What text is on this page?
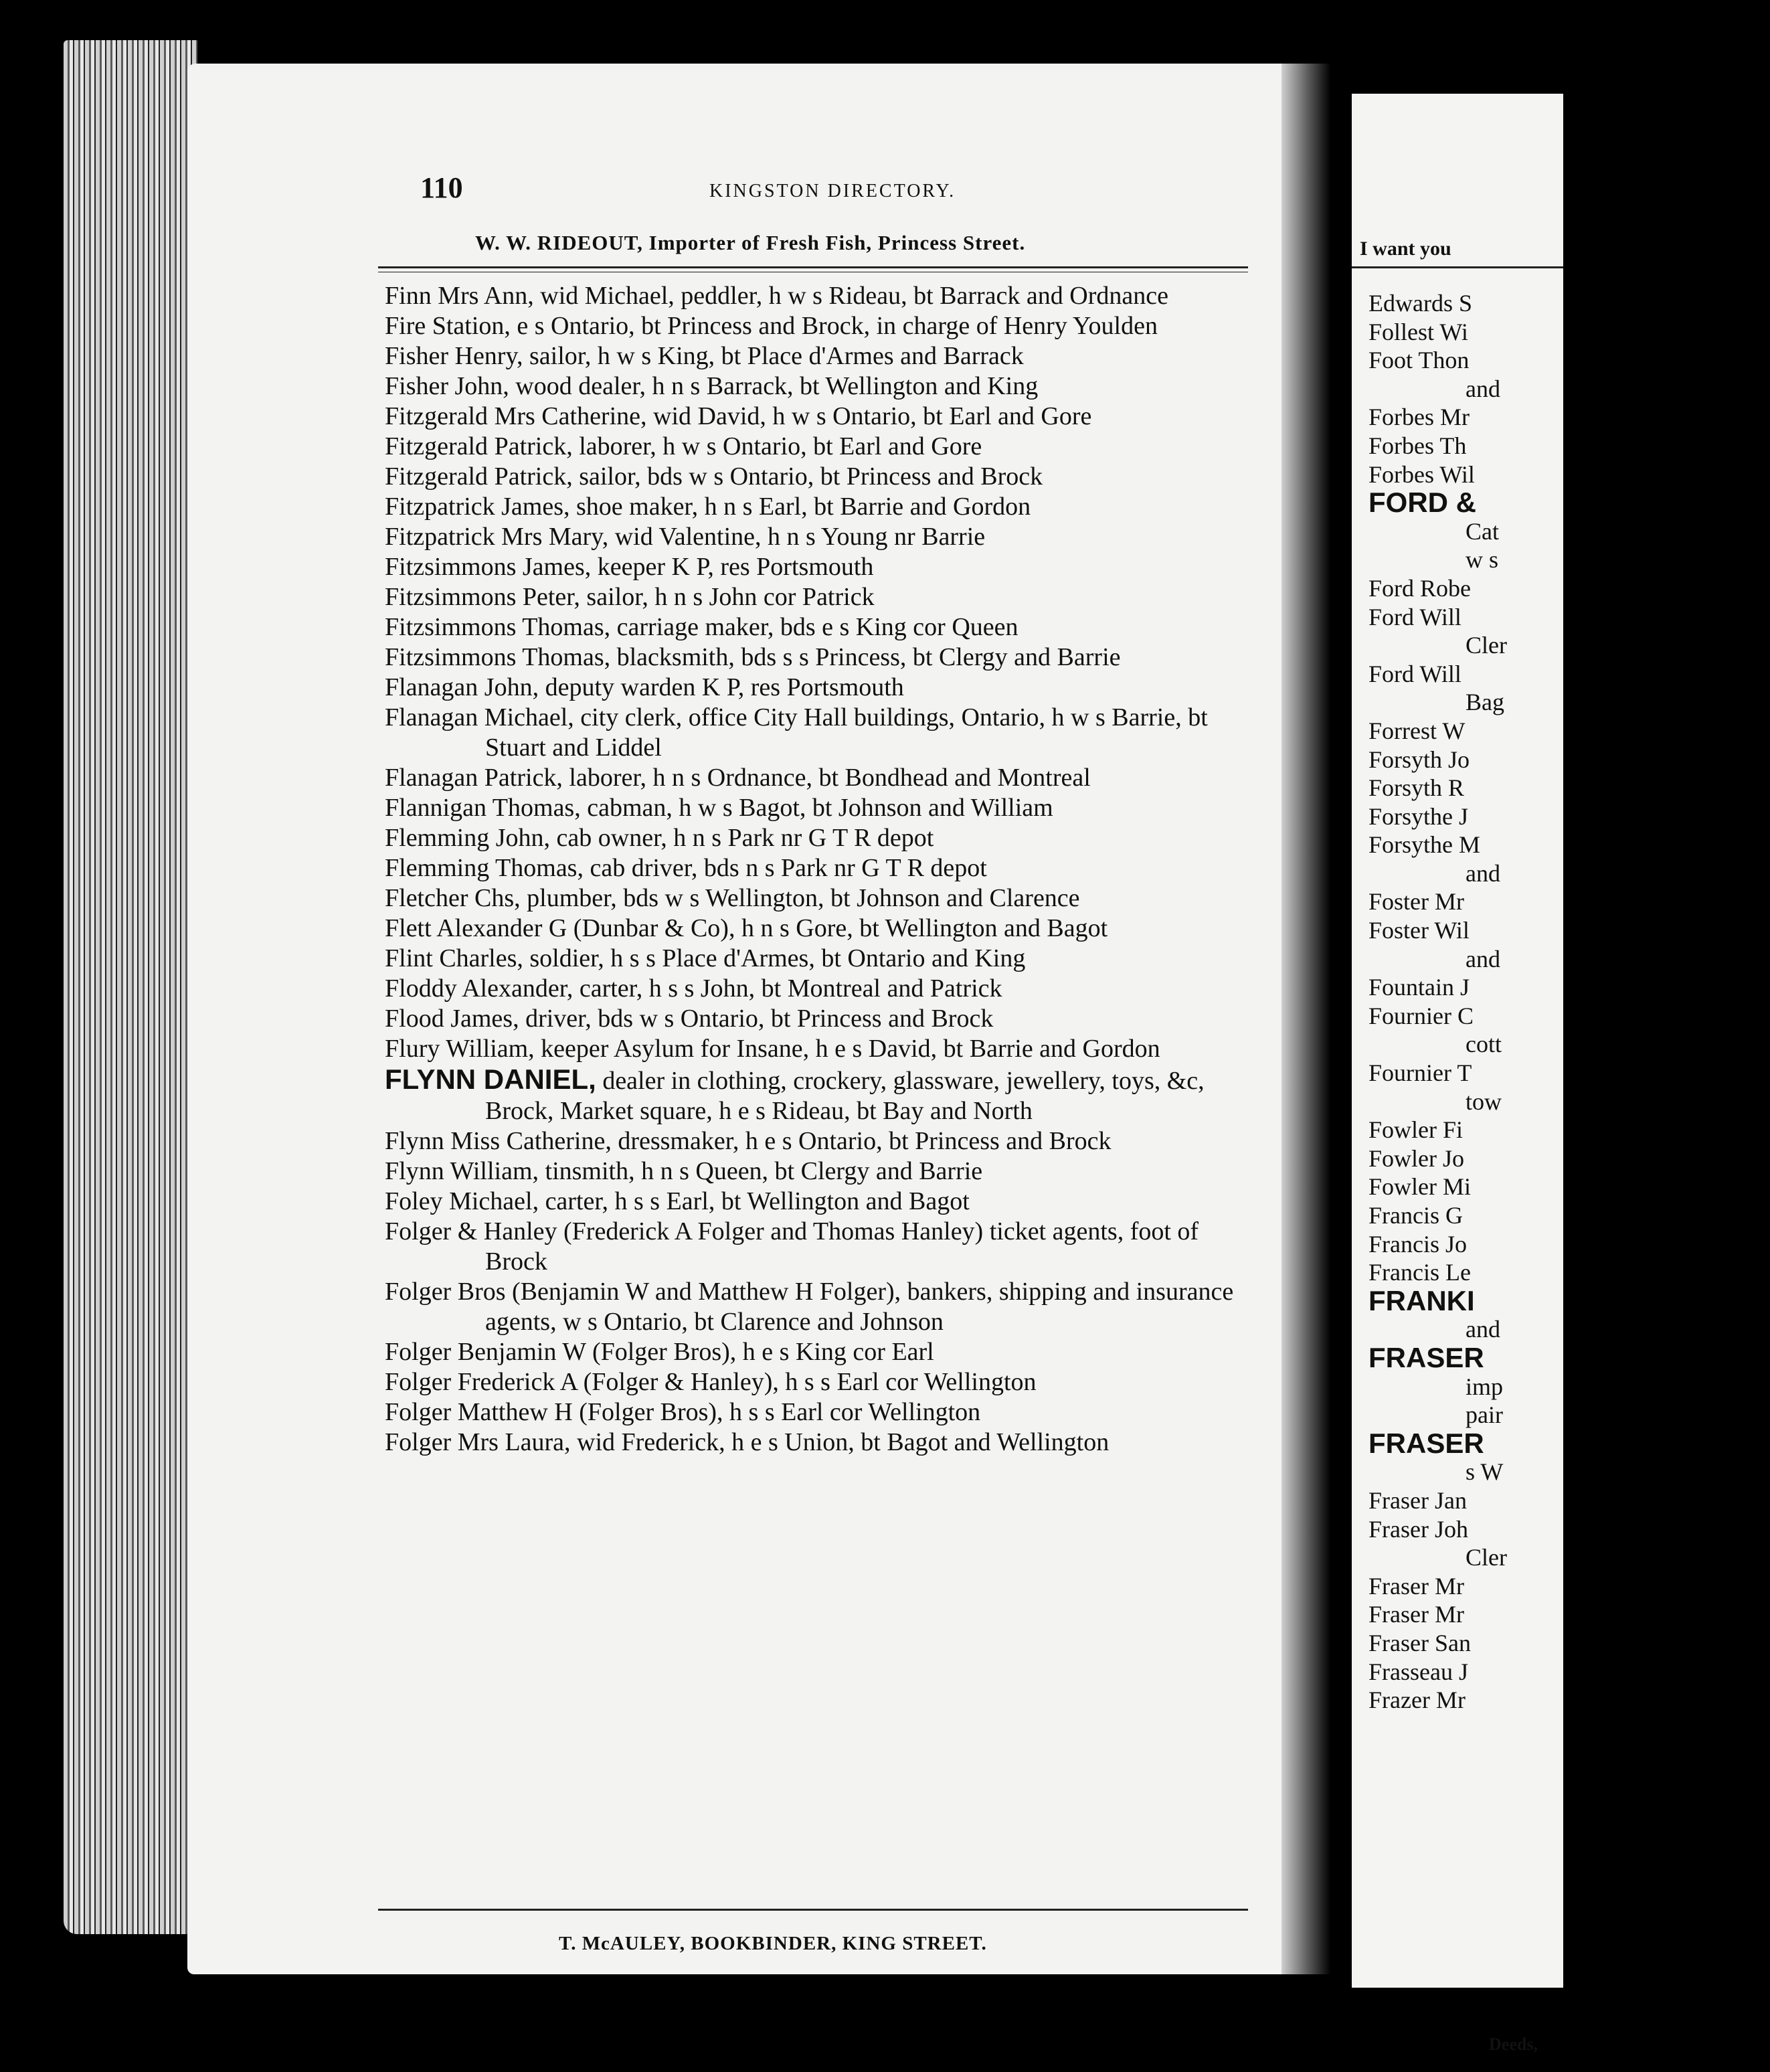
110	KINGSTON DIRECTORY.
W. W. RIDEOUT, Importer of Fresh Fish, Princess Street.

Finn Mrs Ann, wid Michael, peddler, h w s Rideau, bt Barrack and Ordnance

Fire Station, e s Ontario, bt Princess and Brock, in charge of Henry Youlden

Fisher Henry, sailor, h w s King, bt Place d'Armes and Barrack

Fisher John, wood dealer, h n s Barrack, bt Wellington and King

Fitzgerald Mrs Catherine, wid David, h w s Ontario, bt Earl and Gore

Fitzgerald Patrick, laborer, h w s Ontario, bt Earl and Gore

Fitzgerald Patrick, sailor, bds w s Ontario, bt Princess and Brock

Fitzpatrick James, shoe maker, h n s Earl, bt Barrie and Gordon

Fitzpatrick Mrs Mary, wid Valentine, h n s Young nr Barrie

Fitzsimmons James, keeper K P, res Portsmouth

Fitzsimmons Peter, sailor, h n s John cor Patrick

Fitzsimmons Thomas, carriage maker, bds e s King cor Queen

Fitzsimmons Thomas, blacksmith, bds s s Princess, bt Clergy and Barrie

Flanagan John, deputy warden K P, res Portsmouth

Flanagan Michael, city clerk, office City Hall buildings, Ontario, h w s Barrie, bt Stuart and Liddel

Flanagan Patrick, laborer, h n s Ordnance, bt Bondhead and Montreal

Flannigan Thomas, cabman, h w s Bagot, bt Johnson and William

Flemming John, cab owner, h n s Park nr G T R depot

Flemming Thomas, cab driver, bds n s Park nr G T R depot

Fletcher Chs, plumber, bds w s Wellington, bt Johnson and Clarence

Flett Alexander G (Dunbar & Co), h n s Gore, bt Wellington and Bagot

Flint Charles, soldier, h s s Place d'Armes, bt Ontario and King

Floddy Alexander, carter, h s s John, bt Montreal and Patrick

Flood James, driver, bds w s Ontario, bt Princess and Brock

Flury William, keeper Asylum for Insane, h e s David, bt Barrie and Gordon

FLYNN DANIEL, dealer in clothing, crockery, glassware, jewellery, toys, &c, Brock, Market square, h e s Rideau, bt Bay and North

Flynn Miss Catherine, dressmaker, h e s Ontario, bt Princess and Brock

Flynn William, tinsmith, h n s Queen, bt Clergy and Barrie

Foley Michael, carter, h s s Earl, bt Wellington and Bagot

Folger & Hanley (Frederick A Folger and Thomas Hanley) ticket agents, foot of Brock

Folger Bros (Benjamin W and Matthew H Folger), bankers, shipping and insurance agents, w s Ontario, bt Clarence and Johnson

Folger Benjamin W (Folger Bros), h e s King cor Earl

Folger Frederick A (Folger & Hanley), h s s Earl cor Wellington

Folger Matthew H (Folger Bros), h s s Earl cor Wellington

Folger Mrs Laura, wid Frederick, h e s Union, bt Bagot and Wellington

T. McAULEY, BOOKBINDER, KING STREET.
I want you

Edwards S

Follest Wi

Foot Thon

and

Forbes Mr

Forbes Th

Forbes Wil

FORD &

Cat

w s

Ford Robe

Ford Will

Cler

Ford Will

Bag

Forrest W

Forsyth Jo

Forsyth R

Forsythe J

Forsythe M

and

Foster Mr

Foster Wil

and

Fountain J

Fournier C

cott

Fournier T

tow

Fowler Fi

Fowler Jo

Fowler Mi

Francis G

Francis Jo

Francis Le

FRANKI

and

FRASER

imp

pair

FRASER

s W

Fraser Jan

Fraser Joh

Cler

Fraser Mr

Fraser Mr

Fraser San

Frasseau J

Frazer Mr

Deeds,
